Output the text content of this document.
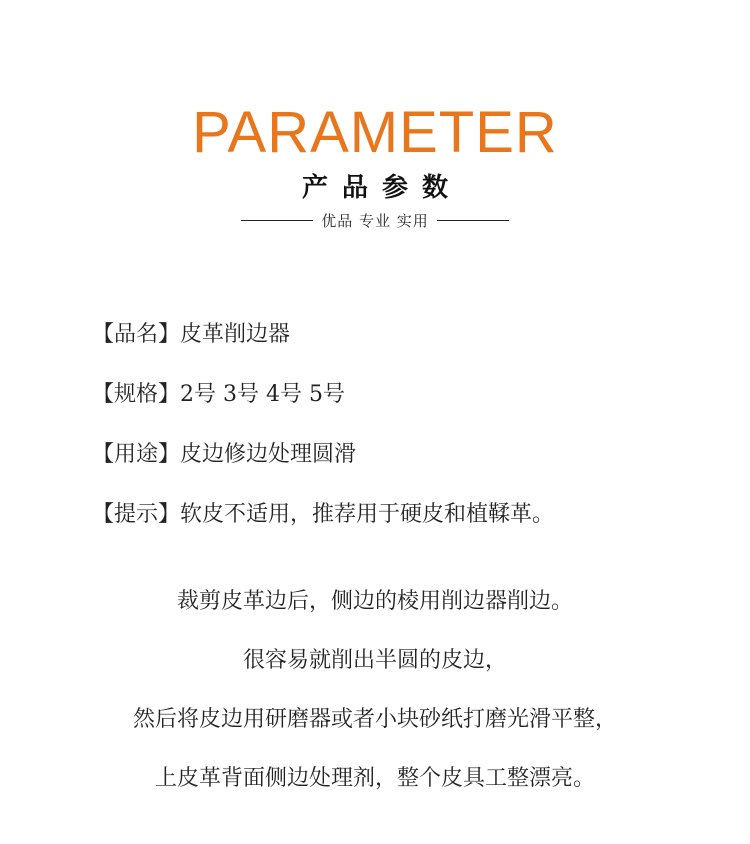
PARAMETER
产品参数
优品 专业 实用
【品名】皮革削边器
【规格】2号 3号 4号 5号
【用途】皮边修边处理圆滑
【提示】软皮不适用，推荐用于硬皮和植鞣革。
裁剪皮革边后，侧边的棱用削边器削边。
很容易就削出半圆的皮边，
然后将皮边用研磨器或者小块砂纸打磨光滑平整，
上皮革背面侧边处理剂，整个皮具工整漂亮。
